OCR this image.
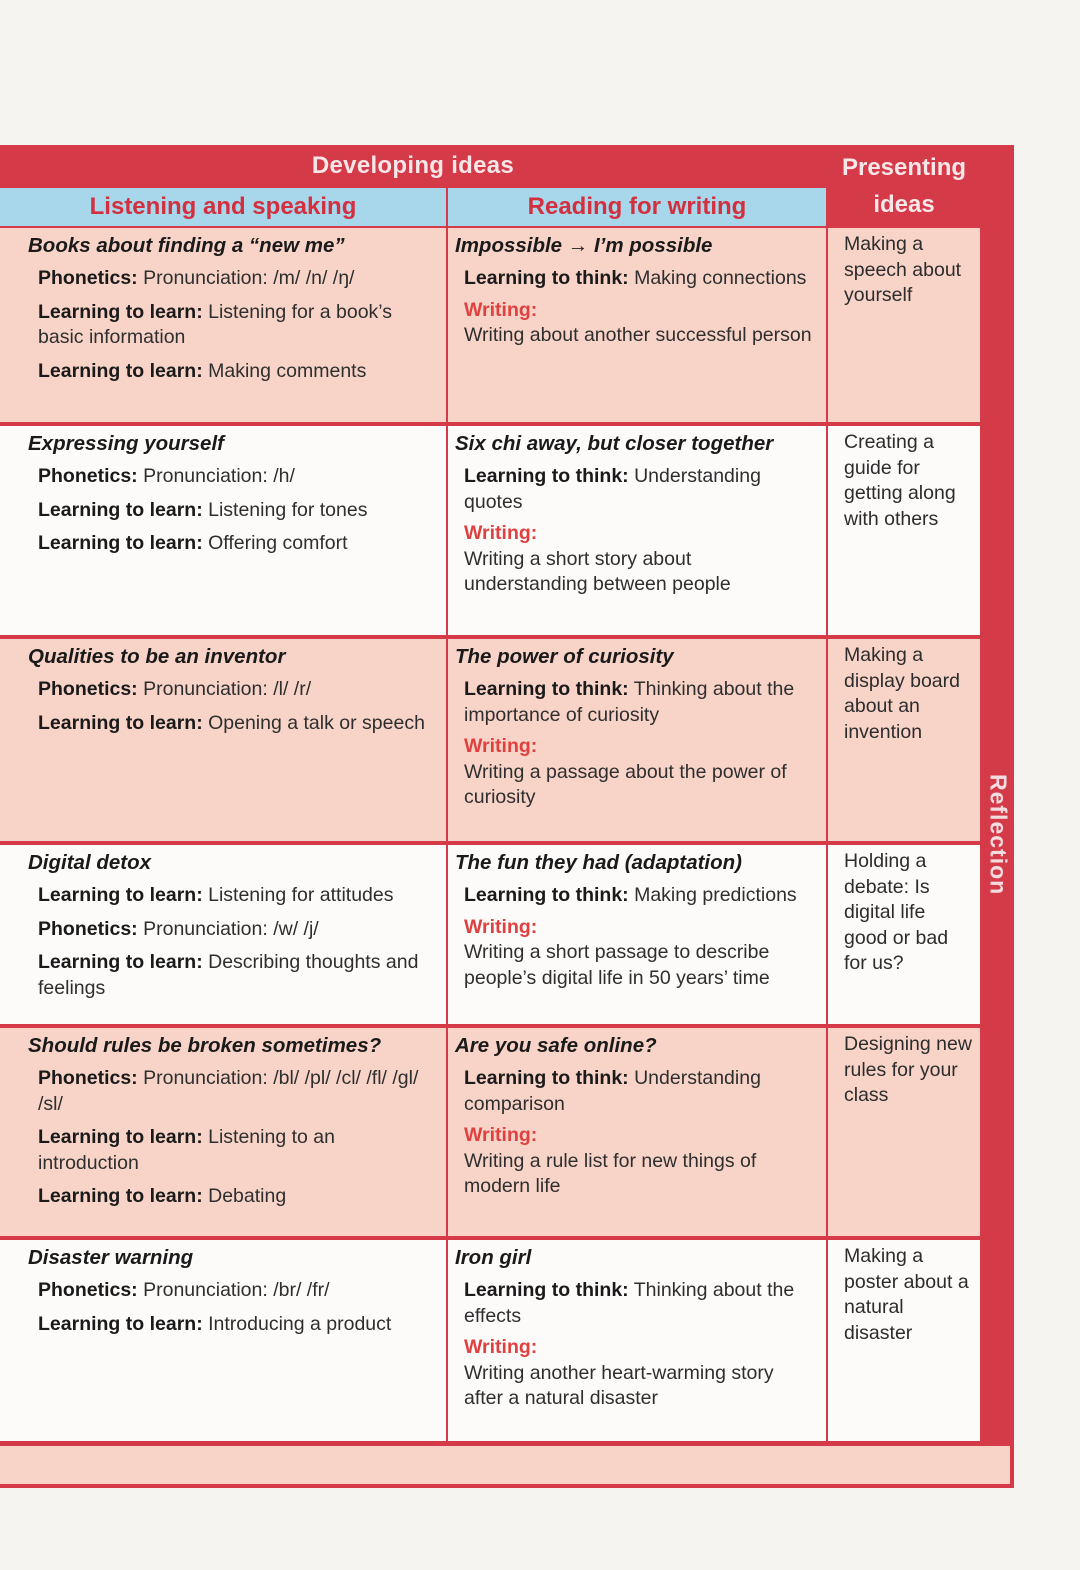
Developing ideas	Presenting ideas
Listening and speaking	Reading for writing
Reflection
Books about finding a “new me”
Phonetics: Pronunciation: /m/ /n/ /ŋ/
Learning to learn: Listening for a book’s basic information
Learning to learn: Making comments
Impossible → I’m possible
Learning to think: Making connections
Writing:
Writing about another successful person
Making a speech about yourself
Expressing yourself
Phonetics: Pronunciation: /h/
Learning to learn: Listening for tones
Learning to learn: Offering comfort
Six chi away, but closer together
Learning to think: Understanding quotes
Writing:
Writing a short story about understanding between people
Creating a guide for getting along with others
Qualities to be an inventor
Phonetics: Pronunciation: /l/ /r/
Learning to learn: Opening a talk or speech
The power of curiosity
Learning to think: Thinking about the importance of curiosity
Writing:
Writing a passage about the power of curiosity
Making a display board about an invention
Digital detox
Learning to learn: Listening for attitudes
Phonetics: Pronunciation: /w/ /j/
Learning to learn: Describing thoughts and feelings
The fun they had (adaptation)
Learning to think: Making predictions
Writing:
Writing a short passage to describe people’s digital life in 50 years’ time
Holding a debate: Is digital life good or bad for us?
Should rules be broken sometimes?
Phonetics: Pronunciation: /bl/ /pl/ /cl/ /fl/ /gl/ /sl/
Learning to learn: Listening to an introduction
Learning to learn: Debating
Are you safe online?
Learning to think: Understanding comparison
Writing:
Writing a rule list for new things of modern life
Designing new rules for your class
Disaster warning
Phonetics: Pronunciation: /br/ /fr/
Learning to learn: Introducing a product
Iron girl
Learning to think: Thinking about the effects
Writing:
Writing another heart-warming story after a natural disaster
Making a poster about a natural disaster
